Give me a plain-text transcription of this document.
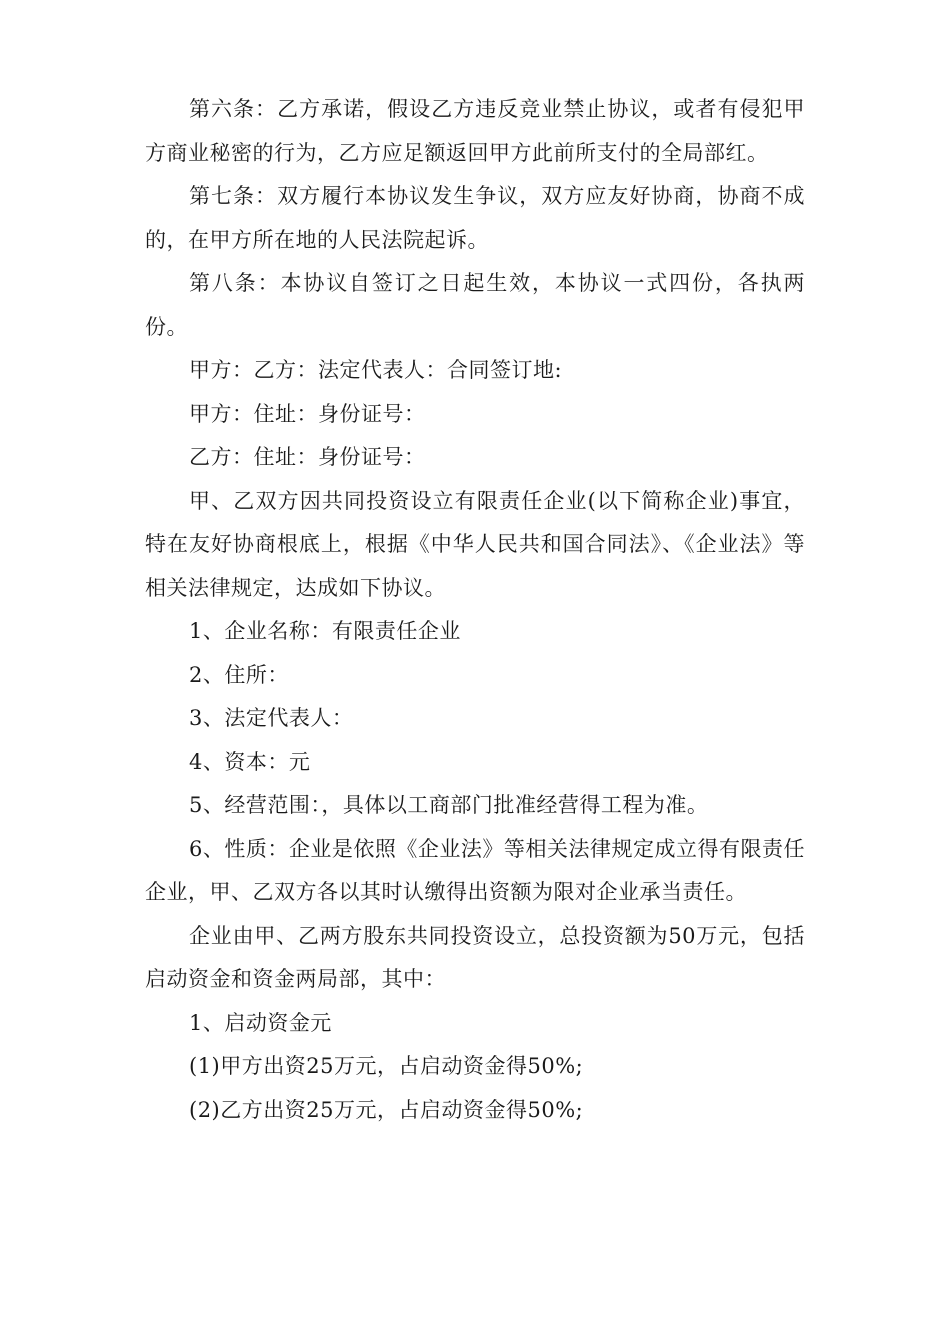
第六条：乙方承诺，假设乙方违反竞业禁止协议，或者有侵犯甲方商业秘密的行为，乙方应足额返回甲方此前所支付的全局部红。

第七条：双方履行本协议发生争议，双方应友好协商，协商不成的，在甲方所在地的人民法院起诉。

第八条：本协议自签订之日起生效，本协议一式四份，各执两份。

甲方：乙方：法定代表人：合同签订地:

甲方：住址：身份证号：

乙方：住址：身份证号：

甲、乙双方因共同投资设立有限责任企业(以下简称企业)事宜，特在友好协商根底上，根据《中华人民共和国合同法》、《企业法》等相关法律规定，达成如下协议。

1、企业名称：有限责任企业

2、住所：

3、法定代表人：

4、资本：元

5、经营范围：，具体以工商部门批准经营得工程为准。

6、性质：企业是依照《企业法》等相关法律规定成立得有限责任企业，甲、乙双方各以其时认缴得出资额为限对企业承当责任。

企业由甲、乙两方股东共同投资设立，总投资额为50万元，包括启动资金和资金两局部，其中：

1、启动资金元

(1)甲方出资25万元，占启动资金得50%;

(2)乙方出资25万元，占启动资金得50%;
